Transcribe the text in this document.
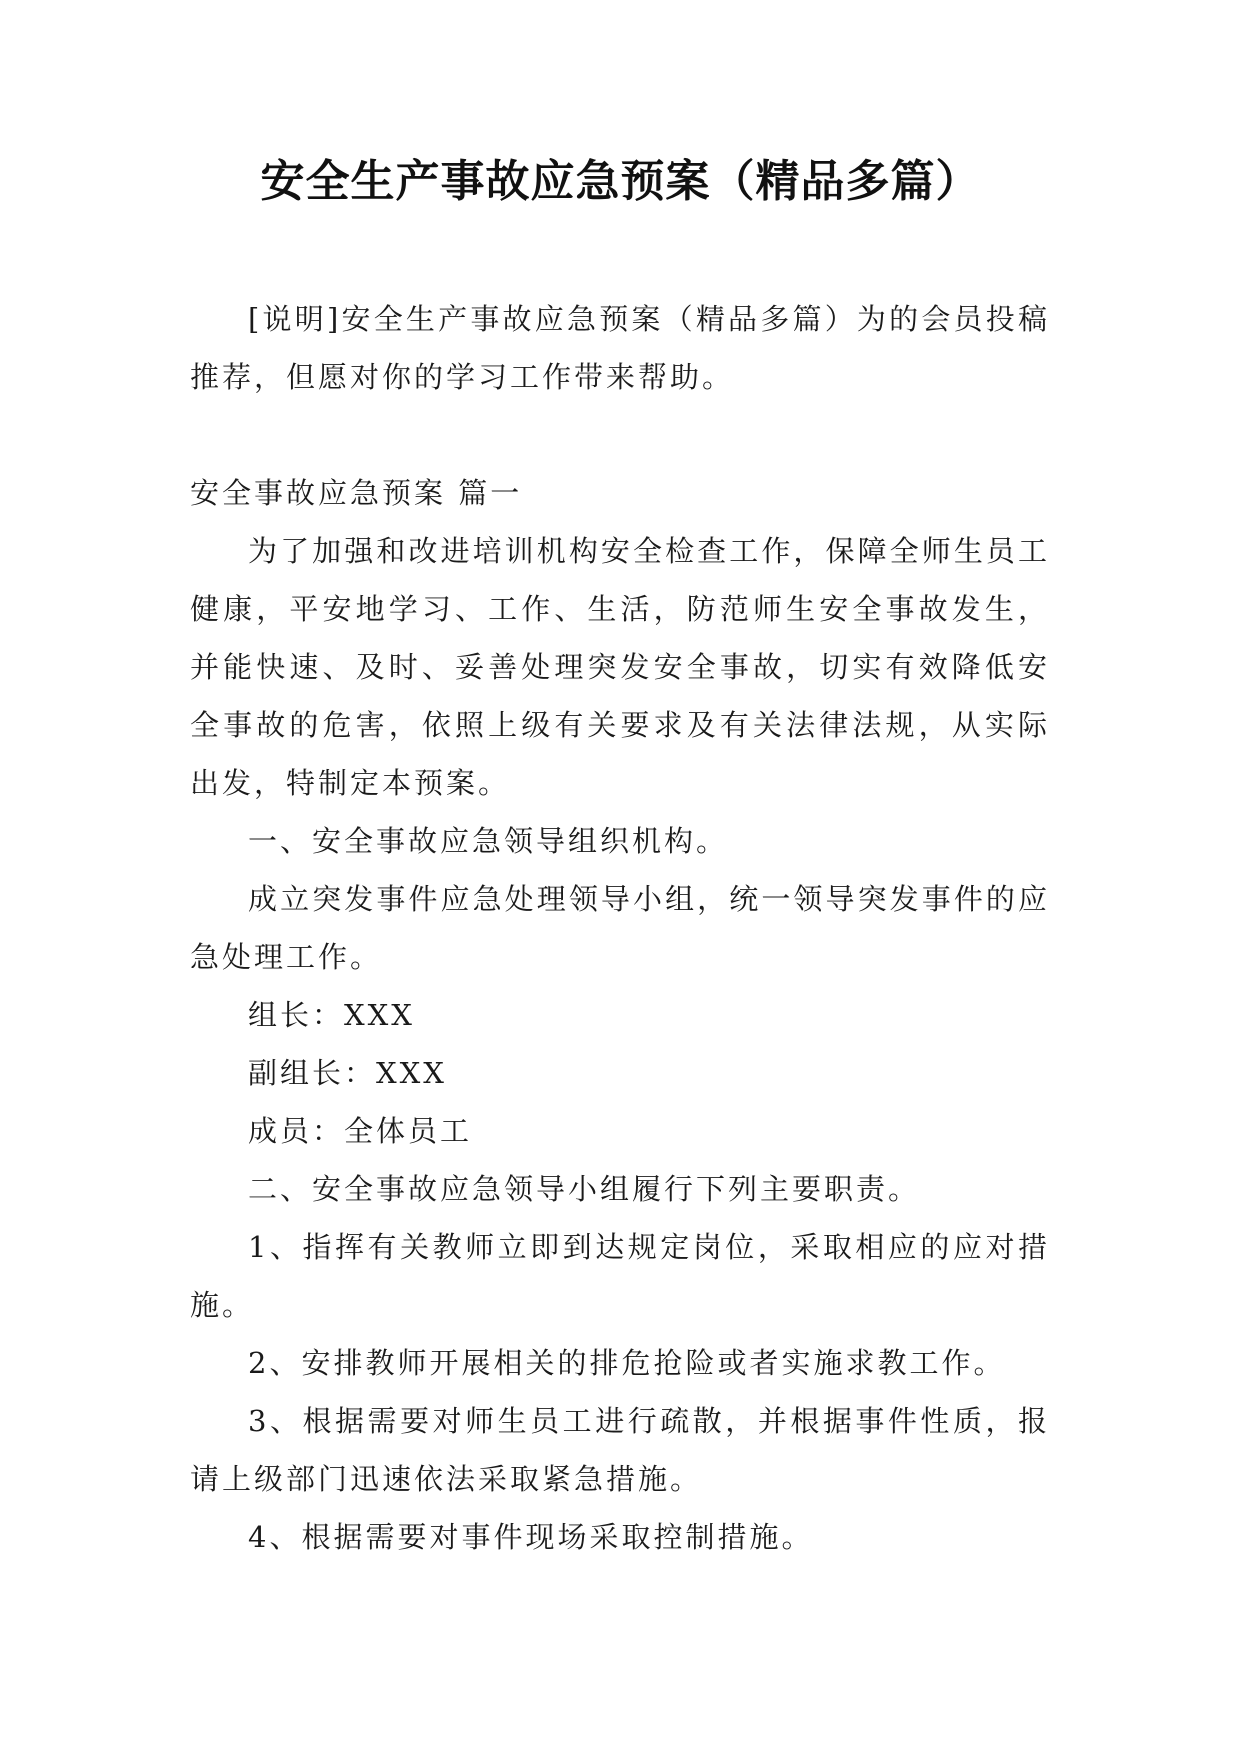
安全生产事故应急预案（精品多篇）

[说明]安全生产事故应急预案（精品多篇）为的会员投稿推荐，但愿对你的学习工作带来帮助。

安全事故应急预案 篇一

为了加强和改进培训机构安全检查工作，保障全师生员工健康，平安地学习、工作、生活，防范师生安全事故发生，并能快速、及时、妥善处理突发安全事故，切实有效降低安全事故的危害，依照上级有关要求及有关法律法规，从实际出发，特制定本预案。

一、安全事故应急领导组织机构。

成立突发事件应急处理领导小组，统一领导突发事件的应急处理工作。

组长：XXX

副组长：XXX

成员：全体员工

二、安全事故应急领导小组履行下列主要职责。

1、指挥有关教师立即到达规定岗位，采取相应的应对措施。

2、安排教师开展相关的排危抢险或者实施求教工作。

3、根据需要对师生员工进行疏散，并根据事件性质，报请上级部门迅速依法采取紧急措施。

4、根据需要对事件现场采取控制措施。
